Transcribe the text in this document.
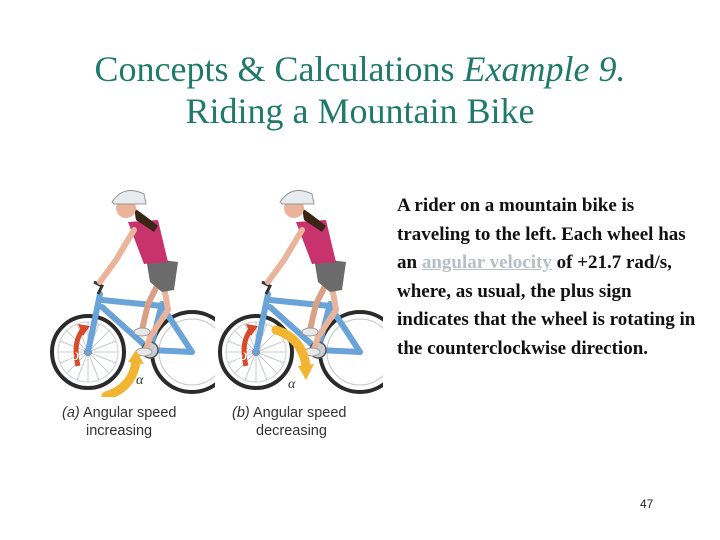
Concepts & Calculations Example 9.
Riding a Mountain Bike
ω
α
(a) Angular speed
increasing
ω
α
(b) Angular speed
decreasing
A rider on a mountain bike is traveling to the left. Each wheel has an angular velocity of +21.7 rad/s, where, as usual, the plus sign indicates that the wheel is rotating in the counterclockwise direction.
47
